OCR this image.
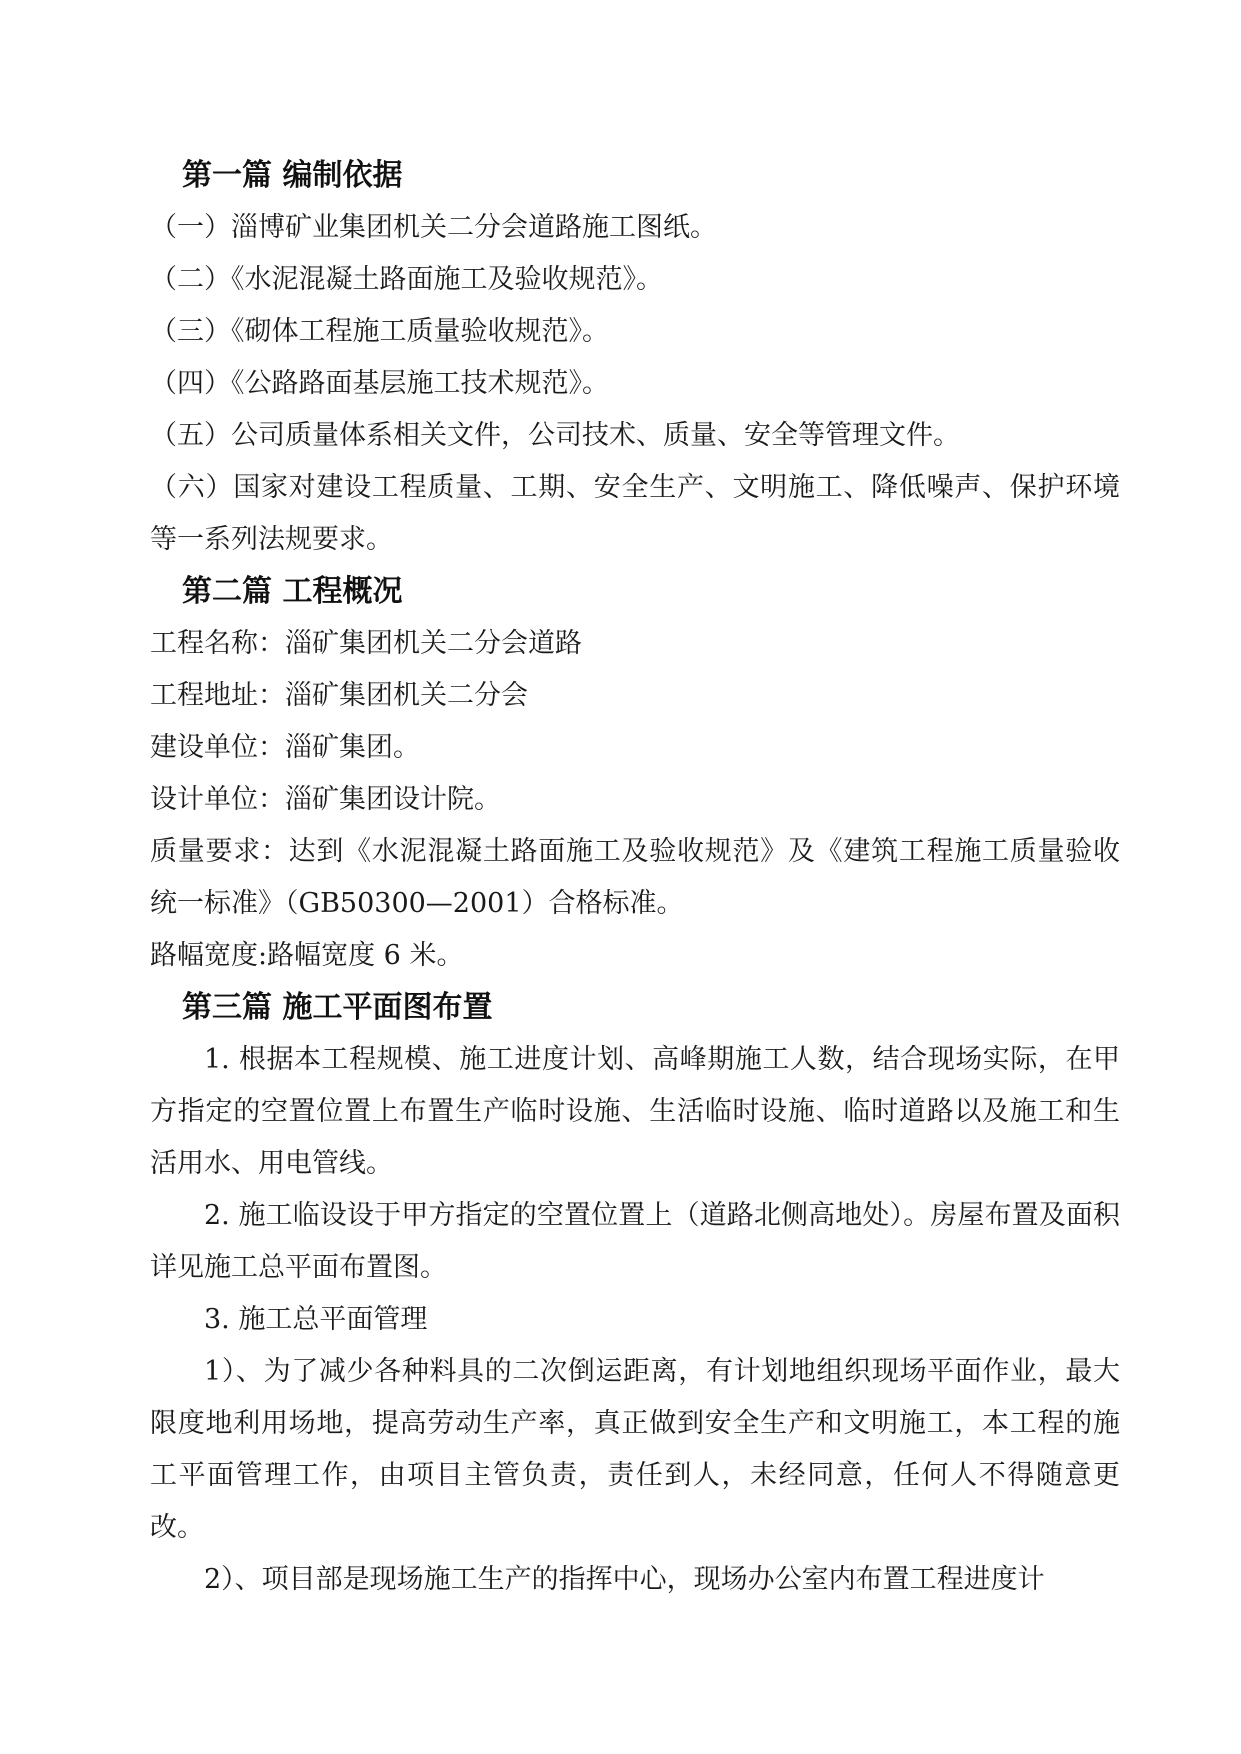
第一篇 编制依据

（一）淄博矿业集团机关二分会道路施工图纸。

（二）《水泥混凝土路面施工及验收规范》。

（三）《砌体工程施工质量验收规范》。

（四）《公路路面基层施工技术规范》。

（五）公司质量体系相关文件，公司技术、质量、安全等管理文件。

（六）国家对建设工程质量、工期、安全生产、文明施工、降低噪声、保护环境等一系列法规要求。

第二篇 工程概况

工程名称：淄矿集团机关二分会道路

工程地址：淄矿集团机关二分会

建设单位：淄矿集团。

设计单位：淄矿集团设计院。

质量要求：达到《水泥混凝土路面施工及验收规范》及《建筑工程施工质量验收统一标准》（GB50300—2001）合格标准。

路幅宽度:路幅宽度 6 米。

第三篇 施工平面图布置

1. 根据本工程规模、施工进度计划、高峰期施工人数，结合现场实际，在甲方指定的空置位置上布置生产临时设施、生活临时设施、临时道路以及施工和生活用水、用电管线。

2. 施工临设设于甲方指定的空置位置上（道路北侧高地处）。房屋布置及面积详见施工总平面布置图。

3. 施工总平面管理

1）、为了减少各种料具的二次倒运距离，有计划地组织现场平面作业，最大限度地利用场地，提高劳动生产率，真正做到安全生产和文明施工，本工程的施工平面管理工作，由项目主管负责，责任到人，未经同意，任何人不得随意更改。

2）、项目部是现场施工生产的指挥中心，现场办公室内布置工程进度计
